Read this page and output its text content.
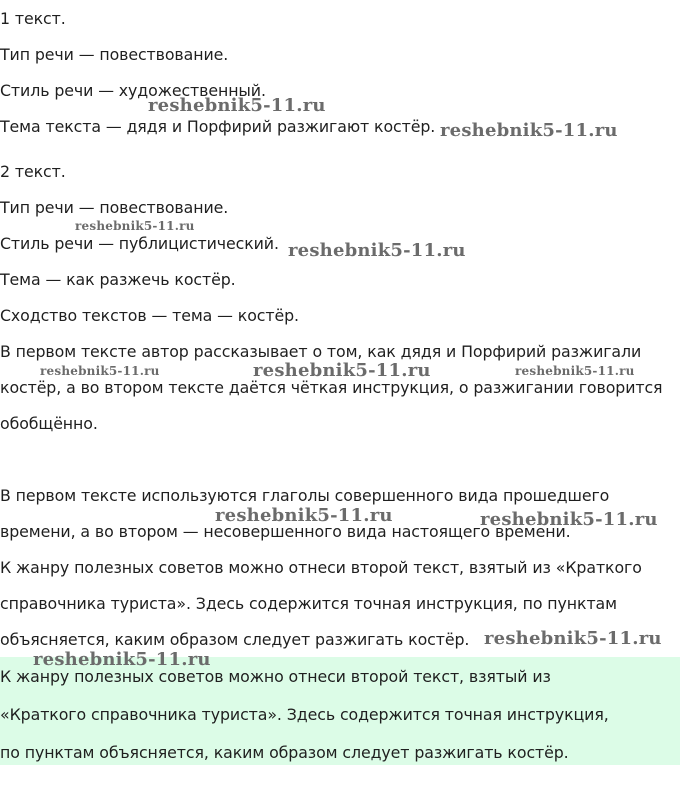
1 текст.

Тип речи — повествование.

Стиль речи — художественный.

Тема текста — дядя и Порфирий разжигают костёр.

2 текст.

Тип речи — повествование.

Стиль речи — публицистический.

Тема — как разжечь костёр.

Сходство текстов — тема — костёр.

В первом тексте автор рассказывает о том, как дядя и Порфирий разжигали

костёр, а во втором тексте даётся чёткая инструкция, о разжигании говорится

обобщённо.

В первом тексте используются глаголы совершенного вида прошедшего

времени, а во втором — несовершенного вида настоящего времени.

К жанру полезных советов можно отнеси второй текст, взятый из «Краткого

справочника туриста». Здесь содержится точная инструкция, по пунктам

объясняется, каким образом следует разжигать костёр.

К жанру полезных советов можно отнеси второй текст, взятый из

«Краткого справочника туриста». Здесь содержится точная инструкция,

по пунктам объясняется, каким образом следует разжигать костёр.

reshebnik5-11.ru
reshebnik5-11.ru
reshebnik5-11.ru
reshebnik5-11.ru
reshebnik5-11.ru	reshebnik5-11.ru	reshebnik5-11.ru
reshebnik5-11.ru	reshebnik5-11.ru
reshebnik5-11.ru
reshebnik5-11.ru
